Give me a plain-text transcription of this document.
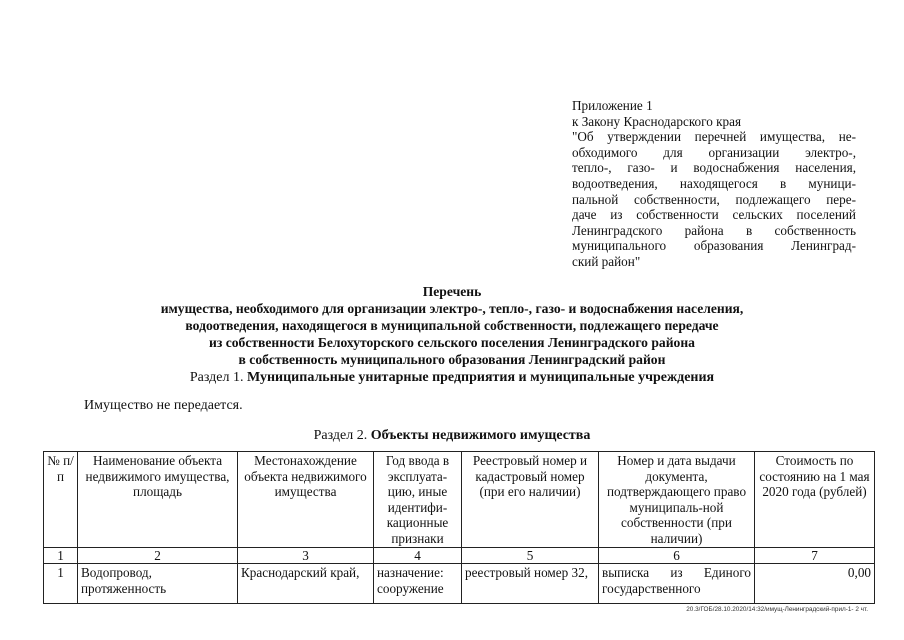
Приложение 1
к Закону Краснодарского края
"Об утверждении перечней имущества, не-
обходимого для организации электро-,
тепло-, газо- и водоснабжения населения,
водоотведения, находящегося в муници-
пальной собственности, подлежащего пере-
даче из собственности сельских поселений
Ленинградского района в собственность
муниципального образования Ленинград-
ский район"
Перечень
имущества, необходимого для организации электро-, тепло-, газо- и водоснабжения населения,
водоотведения, находящегося в муниципальной собственности, подлежащего передаче
из собственности Белохуторского сельского поселения Ленинградского района
в собственность муниципального образования Ленинградский район
Раздел 1. Муниципальные унитарные предприятия и муниципальные учреждения
Имущество не передается.
Раздел 2. Объекты недвижимого имущества
№ п/п	Наименование объекта недвижимого имущества, площадь	Местонахождение объекта недвижимого имущества	Год ввода в эксплуата-цию, иные идентифи-кационные признаки	Реестровый номер и кадастровый номер (при его наличии)	Номер и дата выдачи документа, подтверждающего право муниципаль-ной собственности (при наличии)	Стоимость по состоянию на 1 мая 2020 года (рублей)
1	2	3	4	5	6	7
1	Водопровод, протяженность	Краснодарский край,	назначение: сооружение	реестровый номер 32,	выписка из Единого государственного	0,00
20.3/ГОБ/28.10.2020/14:32/имущ-Ленинградский-прил-1- 2 чт.
